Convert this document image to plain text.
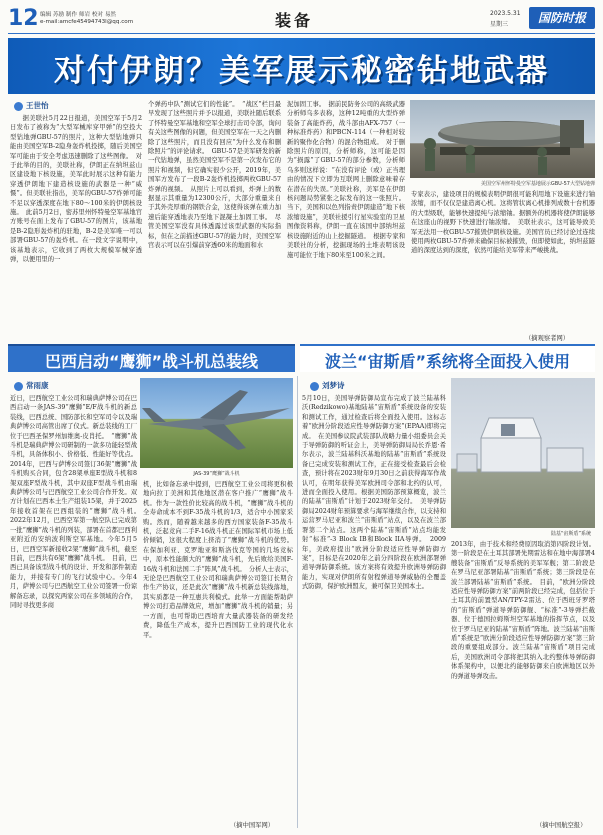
12 编辑 苏励 制作 师岩 校对 易然
e-mail:amcfe45494743l@qq.com	装备	2023.5.31
星期三	国防时报
对付伊朗？美军展示秘密钻地武器
王世怡
据美联社5月22日报道，美国空军于5月2日发布了被称为“大型军械库穿甲弹”的空投大型钻地弹GBU-57的照片，这种大型钻地弹只能由美国空军B-2隐身轰炸机投掷，随后美国空军可能由于安全考虑迅速删除了这些图像。　对于此举的目的，美联社称，伊朗正在纳坦兹山区建设地下核设施，美军此时展示这种有能力穿透伊朗地下建造核设施的武器是一种“威慑”。但美联社指出，美军的GBU-57炸弹可能不足以穿透深度在地下80～100米的伊朗核设施。　此前5月2日，密苏里州怀特曼空军基地官方账号在面上发布了GBU-57的图片，该基地是B-2隐形轰炸机的驻地，B-2是美军唯一可以部署GBU-57的轰炸机。在一段文字说明中，该基地表示，它收到了两枚大规模军械穿透弹，以便用里的一
个弹药中队”测试它们的性能”。　“战区”栏目最早发现了这些照片并予以报道，美联社随后联系了怀特曼空军基地和空军全球打击司令部，询问有关这些图像的问题，但美国空军在一天之内删除了这些照片，而且没有回应“为什么发布和删除照片”的评论请求。　GBU-57是美军研发的新一代钻地弹，虽然美国空军不是第一次发布它的照片和视频，但它确实很少公开，2019年，美国军方发布了一段B-2轰炸机投掷两枚GBU-57炸弹的视频。　从照片上可以看到，炸弹上的数据显示其重量为12300公斤，大部分重量来自于其外壳厚重的钢铁合金，这使得该弹在重力加速后能穿透地表乃至地下混凝土加固工事。　尽管美国空军没有具体透露过该型武器的实际指标，但在之前描述GBU-57的能力时，美国空军官表示可以在引爆前穿透60米的地面和水
泥加固工事。　据前民防务公司的高级武器分析师乌多表称，这种12吨重的大型炸弹装备了高能炸药，战斗部由AFX-757（一种标准炸药）和PBCN-114（一种相对较新的聚作化合物）的混合物组成。　对于删除照片的原因，分析师称，这可能是因为“损露”了GBU-57的部分参数，分析师乌多则这样说：“在没有评论（或）正当理由的情况下立即为互联网上删除意味着存在潜在的失误。”美联社称，美军是在伊朗核问题局势紧张之际发布的这一张照片。当下，美国和以色列指责伊朗建造“地下核浓缩设施”，美联社援引行星实验室的卫星图像资料称，伊朗一直在该国中部纳坦兹核设施附近的山上挖掘隧道。　根据专家和美联社的分析，挖掘现场的土堆表明该设施可能位于地下80米至100米之间。
美国空军州怀特曼空军基地展示GBU-57大型钻地弹
专家表示，建设项目的规模表明伊朗很可能利用地下设施来进行铀浓缩，而不仅仅是建造离心机。这将管状离心机排列成数十台机器的大型级联，能够快速提纯与浓缩铀。据额外的机器将使伊朗能够在这座山的视野下快速进行铀浓缩。　美联社表示，这可能导致美军无法用一枚GBU-57摧毁伊朗核设施。美国官员已经讨论过连续使用两枚GBU-57炸弹来确保目标被摧毁，但即使如此，纳坦兹隧道的深度达到的深度，依然可能给美军带来严峻挑战。
（摘观察者网）
巴西启动“鹰狮”战斗机总装线	波兰“宙斯盾”系统将全面投入使用
常雨康
JAS-39“鹰狮”战斗机
近日，巴西航空工业公司和瑞典萨博公司在巴西启动一条JAS-39“鹰狮”E/F战斗机的新总装线，巴西总统、国防部长和空军司令以及瑞典萨博公司高管出席了仪式。新总装线的工厂位于巴西圣保罗州加维奥-皮肖托。　“鹰狮”战斗机是瑞典萨博公司研制的一款多功能轻型战斗机，具备体积小、价格低、性能好等优点。2014年，巴西与萨博公司签订36架“鹰狮”战斗机购买合同，包含28架单座E型战斗机和8架双座F型战斗机，其中双座F型战斗机由瑞典萨博公司与巴西航空工业公司合作开发。双方计划在巴西本土生产组装15架，并于2025年接收首架在巴西组装的“鹰狮”战斗机。　2022年12月，巴西空军第一航空队已完成第一批“鹰狮”战斗机的列装，部署在首都巴西利亚附近的安纳波利斯空军基地。今年5月5日，巴西空军新接收2架“鹰狮”战斗机，截至目前，巴西共有6架“鹰狮”战斗机。　目前，巴西已具备该型战斗机的设计、开发和部件制造能力，并接有专门的飞行试验中心。今年4月，萨博公司与巴西航空工业公司签署一份谅解备忘录，以探究两家公司在多领域的合作，同时寻找更多商
机，比如备忘录中提到，巴西航空工业公司将更积极地向拉丁美洲和其他地区潜在客户推广“鹰狮”战斗机。作为一款性价比较高的战斗机，“鹰狮”战斗机的全寿命成本不到F-35战斗机的1/3，适合中小国家采购。然而，随着越来越多的西方国家装备F-35战斗机，泛起竞向二手F-16战斗机正在国际军机市场上低价倾销，这很大程度上挤消了“鹰狮”战斗机的优势。在保加利亚、克罗地亚和斯洛伐克等国的几场竞标中，原本性能颇大的“鹰狮”战斗机，先后败给美国F-16战斗机和法国二手“阵风”战斗机。　分析人士表示，无论是巴西航空工业公司和瑞典萨博公司签订长期合作生产协议，还是此次“鹰狮”战斗机新总装线落地，其实质都是一种互惠共利模式。此举一方面能帮助萨博公司打造品牌效应，增加“鹰狮”战斗机的销量；另一方面，也可帮助巴西培育大量武器装备的研发经费，降低生产成本，提升巴西国防工业的现代化水平。
（摘中国军网）
刘梦诗
5月10日，美国导弹防御局宣布完成了波兰陆基科沃(Redzikowo)基地陆基“宙斯盾”系统设备的安装和测试工作，通过检查后将全面投入使用。这标志着“欧洲分阶段适应性导弹防御方案”(EPAA)即将完成。　在美国参议院武装部队战略力量小组委员会关于导弹防御的听证会上，美导弹防御局局长乔恩·希尔表示，波兰陆基科沃基地的陆基“宙斯盾”系统设备已完成安装和测试工作，正在接受检查最后会检查，预计将在2023财年9月30日之前获得海军作战认可，在明年获得美军欧洲司令部和北约的认可，进而全面投入使用。根据美国防部预算概览，波兰的陆基“宙斯盾”计划于2023财年交付。　美导弹防御局2024财年预算要求与海军继续合作，以支持和运营罗马尼亚和波兰“宙斯盾”站点，以及在波兰部署第二个站点。这两个陆基“宙斯盾”站点均能发射“标准”-3 Block IB和Block IIA导弹。　2009年，美政府提出“欧洲分阶段适应性导弹防御方案”，目标是在2020年之前分四阶段在欧洲部署弹道导弹防御系统。该方案将有效提升欧洲导弹防御能力，实现对伊朗所有射程弹道导弹威胁的全覆盖式防御，保护欧洲盟友，兼可保卫美国本土。
陆基“宙斯盾”系统
2013年，由于技术和经费原因取消第四阶段计划。第一阶段是在土耳其部署先期雷达和在地中海部署4艘装备“宙斯盾”反导系统的美军军舰；第二阶段是在罗马尼亚部署陆基“宙斯盾”系统；第三阶段是在波兰部署陆基“宙斯盾”系统。　目前，“欧洲分阶段适应性导弹防御方案”前两阶段已经完成，包括位于土耳其的前置型AN/TPY-2雷达、位于西班牙罗塔的“宙斯盾”弹道导弹防御舰、“标准”-3导弹拦截器、位于德国拉姆斯坦空军基地的指挥节点，以及位于罗马尼亚的陆基“宙斯盾”阵地。波兰陆基“宙斯盾”系统是“欧洲分阶段适应性导弹防御方案”第三阶段的重要组成部分。波兰陆基“宙斯盾”项目完成后，美国欧洲司令部将把其纳入北约整体导弹防御体系架构中，以便北约能够防御来自欧洲地区以外的弹道导弹攻击。
（摘中国航空报）
